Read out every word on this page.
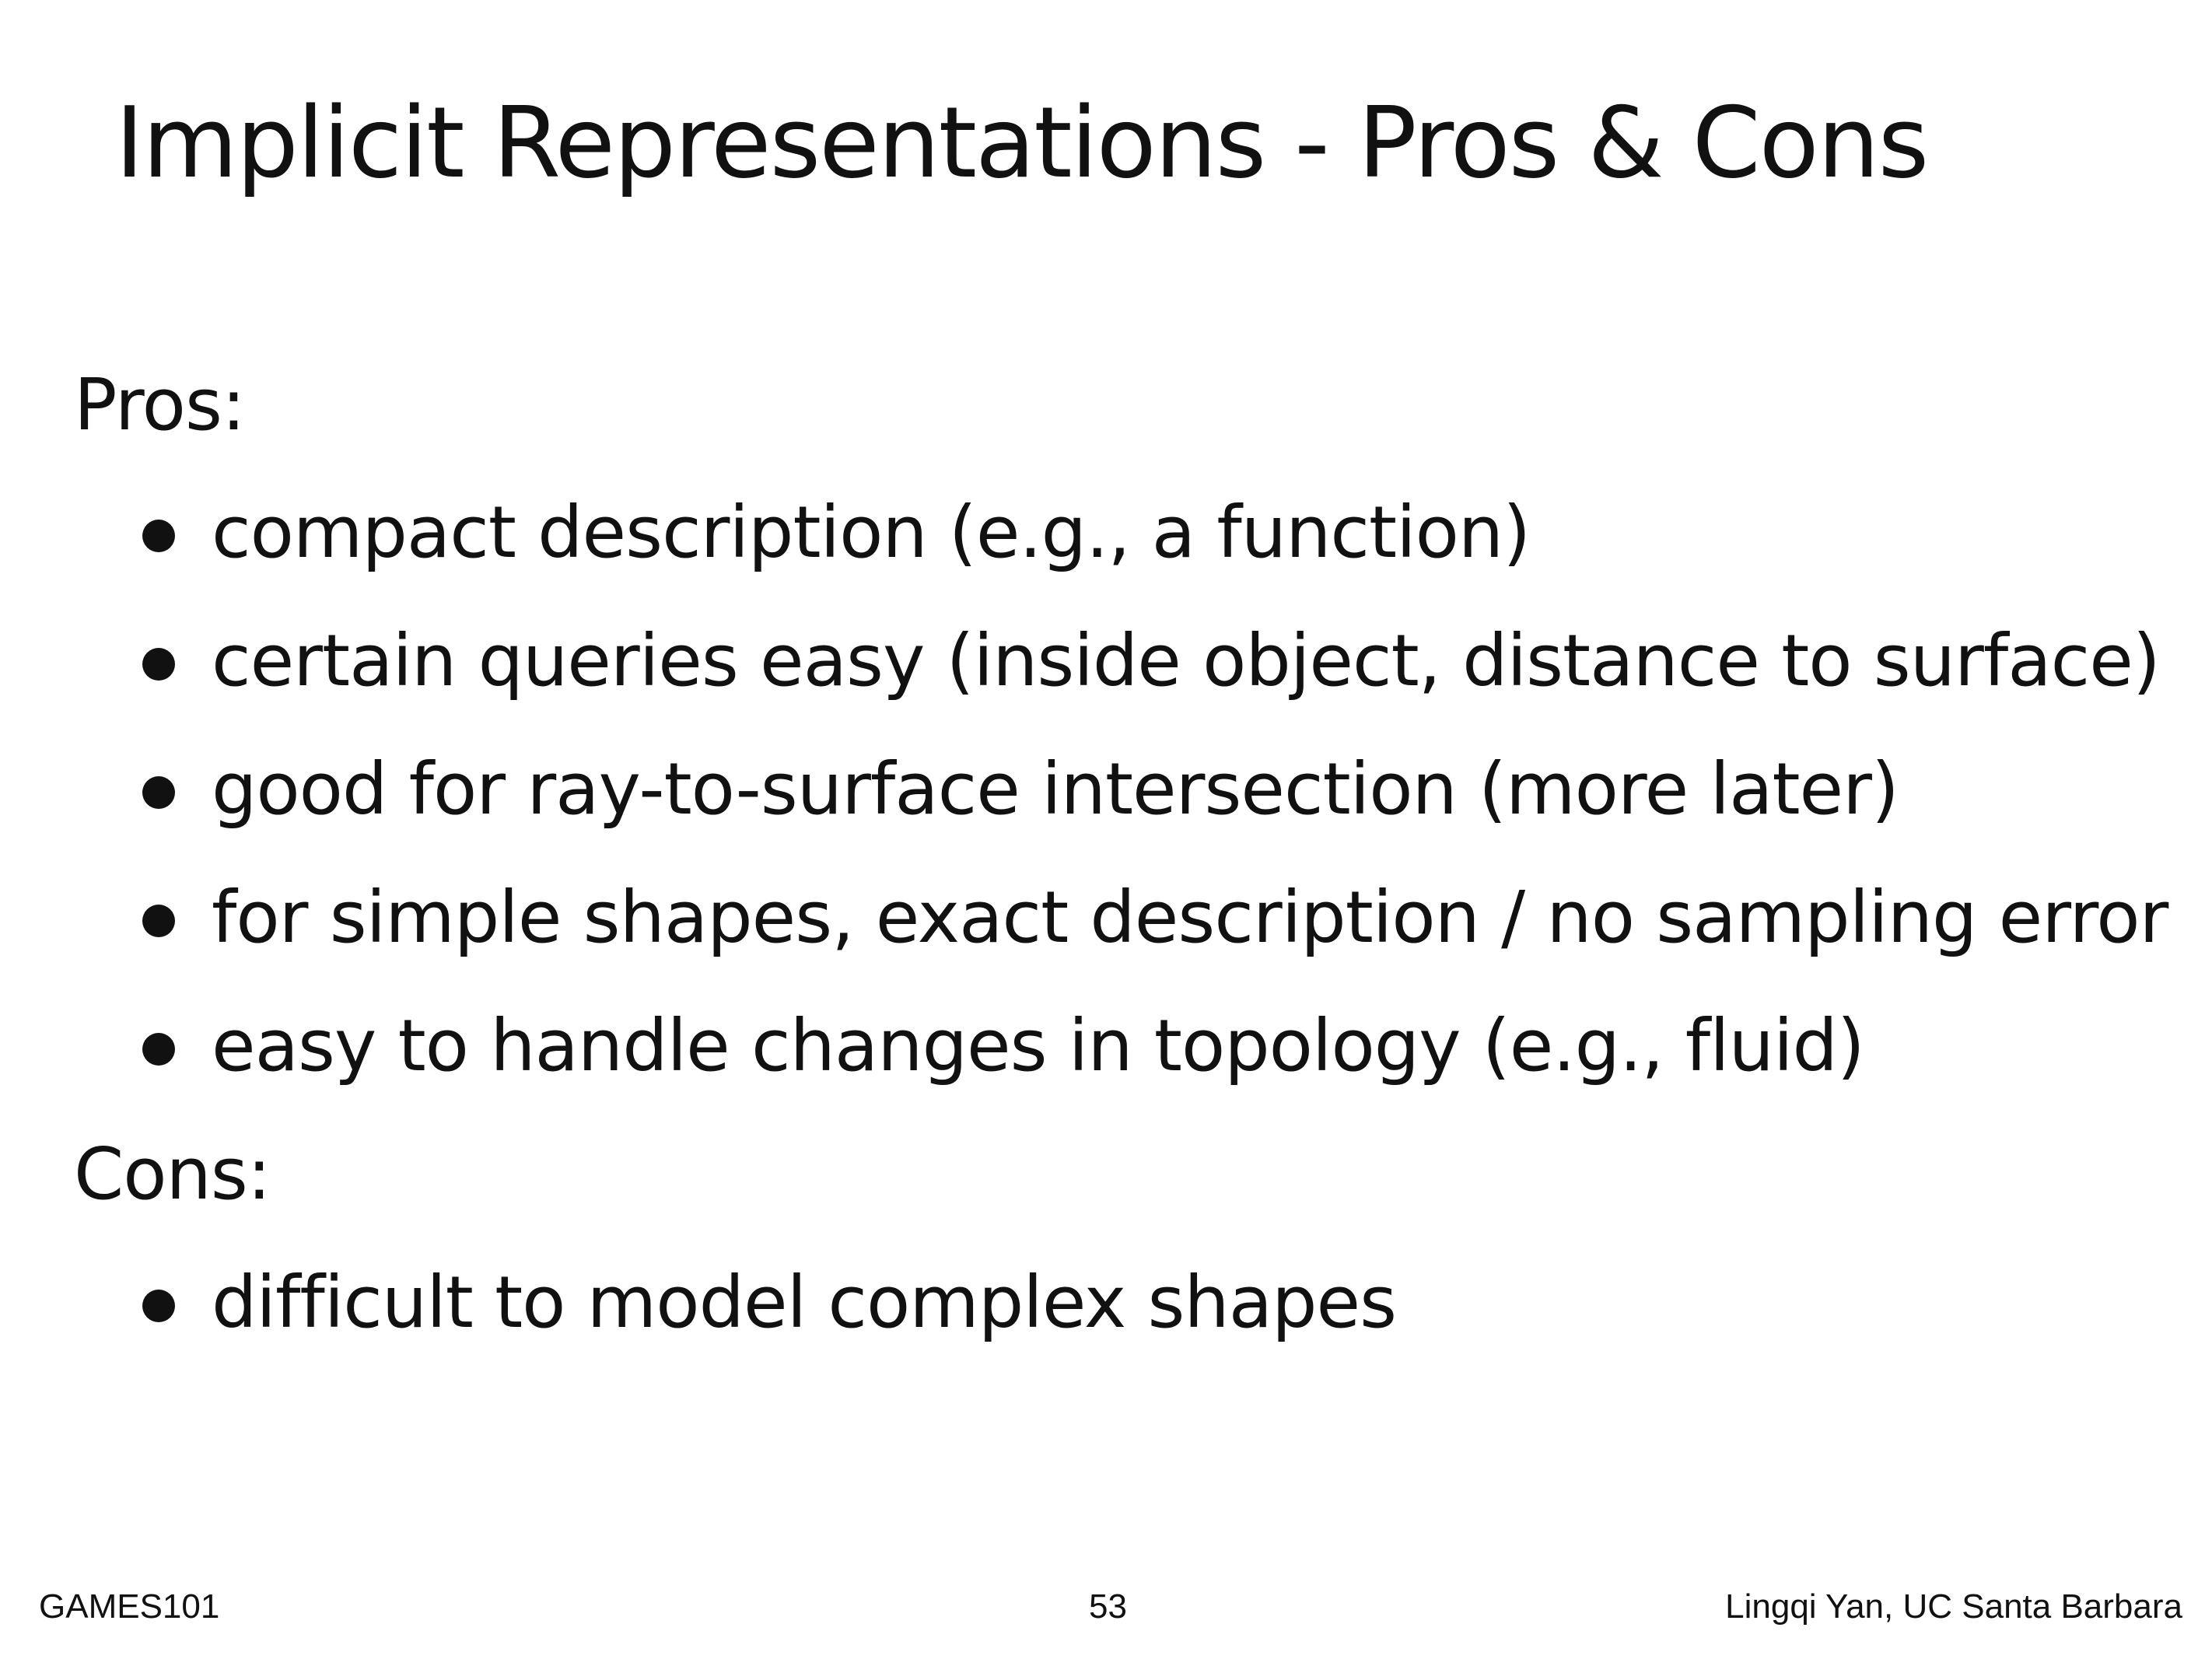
Implicit Representations - Pros & Cons
Pros:
compact description (e.g., a function)
certain queries easy (inside object, distance to surface)
good for ray-to-surface intersection (more later)
for simple shapes, exact description / no sampling error
easy to handle changes in topology (e.g., fluid)
Cons:
difficult to model complex shapes
GAMES101	53	Lingqi Yan, UC Santa Barbara
